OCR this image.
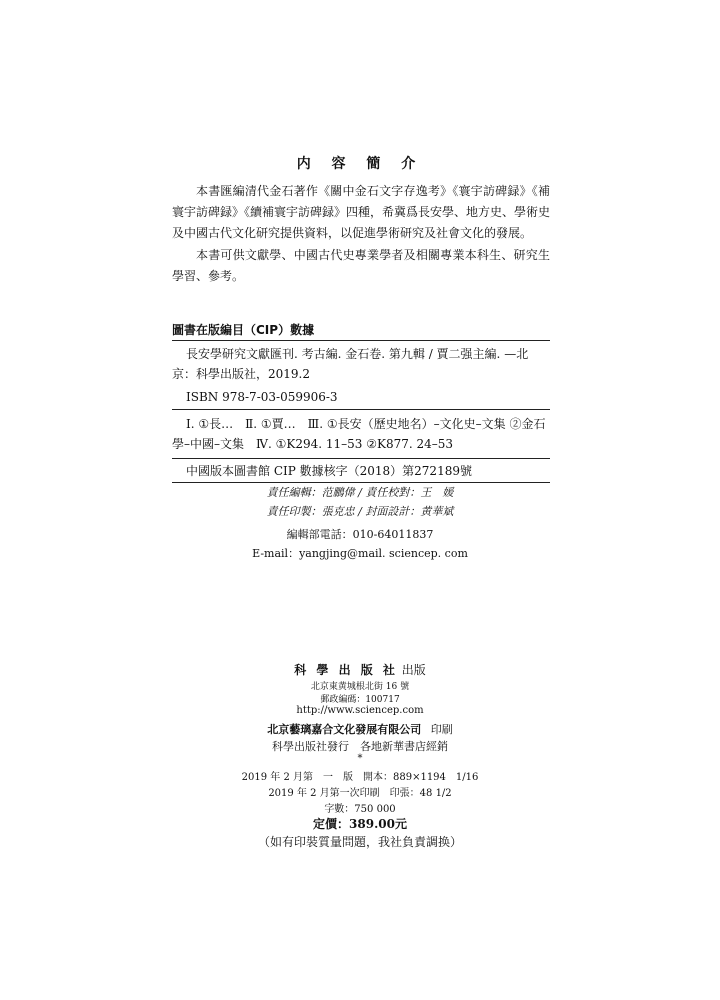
内 容 簡 介
本書匯編清代金石著作《關中金石文字存逸考》《寰宇訪碑録》《補寰宇訪碑録》《續補寰宇訪碑録》四種，希冀爲長安學、地方史、學術史及中國古代文化研究提供資料，以促進學術研究及社會文化的發展。
本書可供文獻學、中國古代史專業學者及相關專業本科生、研究生學習、參考。
圖書在版編目（CIP）數據
長安學研究文獻匯刊. 考古編. 金石卷. 第九輯 / 賈二强主編. —北京：科學出版社，2019.2
ISBN 978-7-03-059906-3
Ⅰ. ①長…　Ⅱ. ①賈…　Ⅲ. ①長安（歷史地名）–文化史–文集 ②金石學–中國–文集　Ⅳ. ①K294. 11–53 ②K877. 24–53
中國版本圖書館 CIP 數據核字（2018）第272189號
責任編輯：范鵬偉 / 責任校對：王　媛
責任印製：張克忠 / 封面設計：黄華斌
編輯部電話：010-64011837
E-mail：yangjing@mail. sciencep. com
科 學 出 版 社 出版
北京東黄城根北街 16 號
郵政編碼：100717
http://www.sciencep.com
北京藝璃嘉合文化發展有限公司 印刷
科學出版社發行　各地新華書店經銷
*
2019 年 2 月第　一　版　開本：889×1194　1/16
2019 年 2 月第一次印刷　印張：48 1/2
字數：750 000
定價：389.00元
（如有印裝質量問題，我社負責調换）
